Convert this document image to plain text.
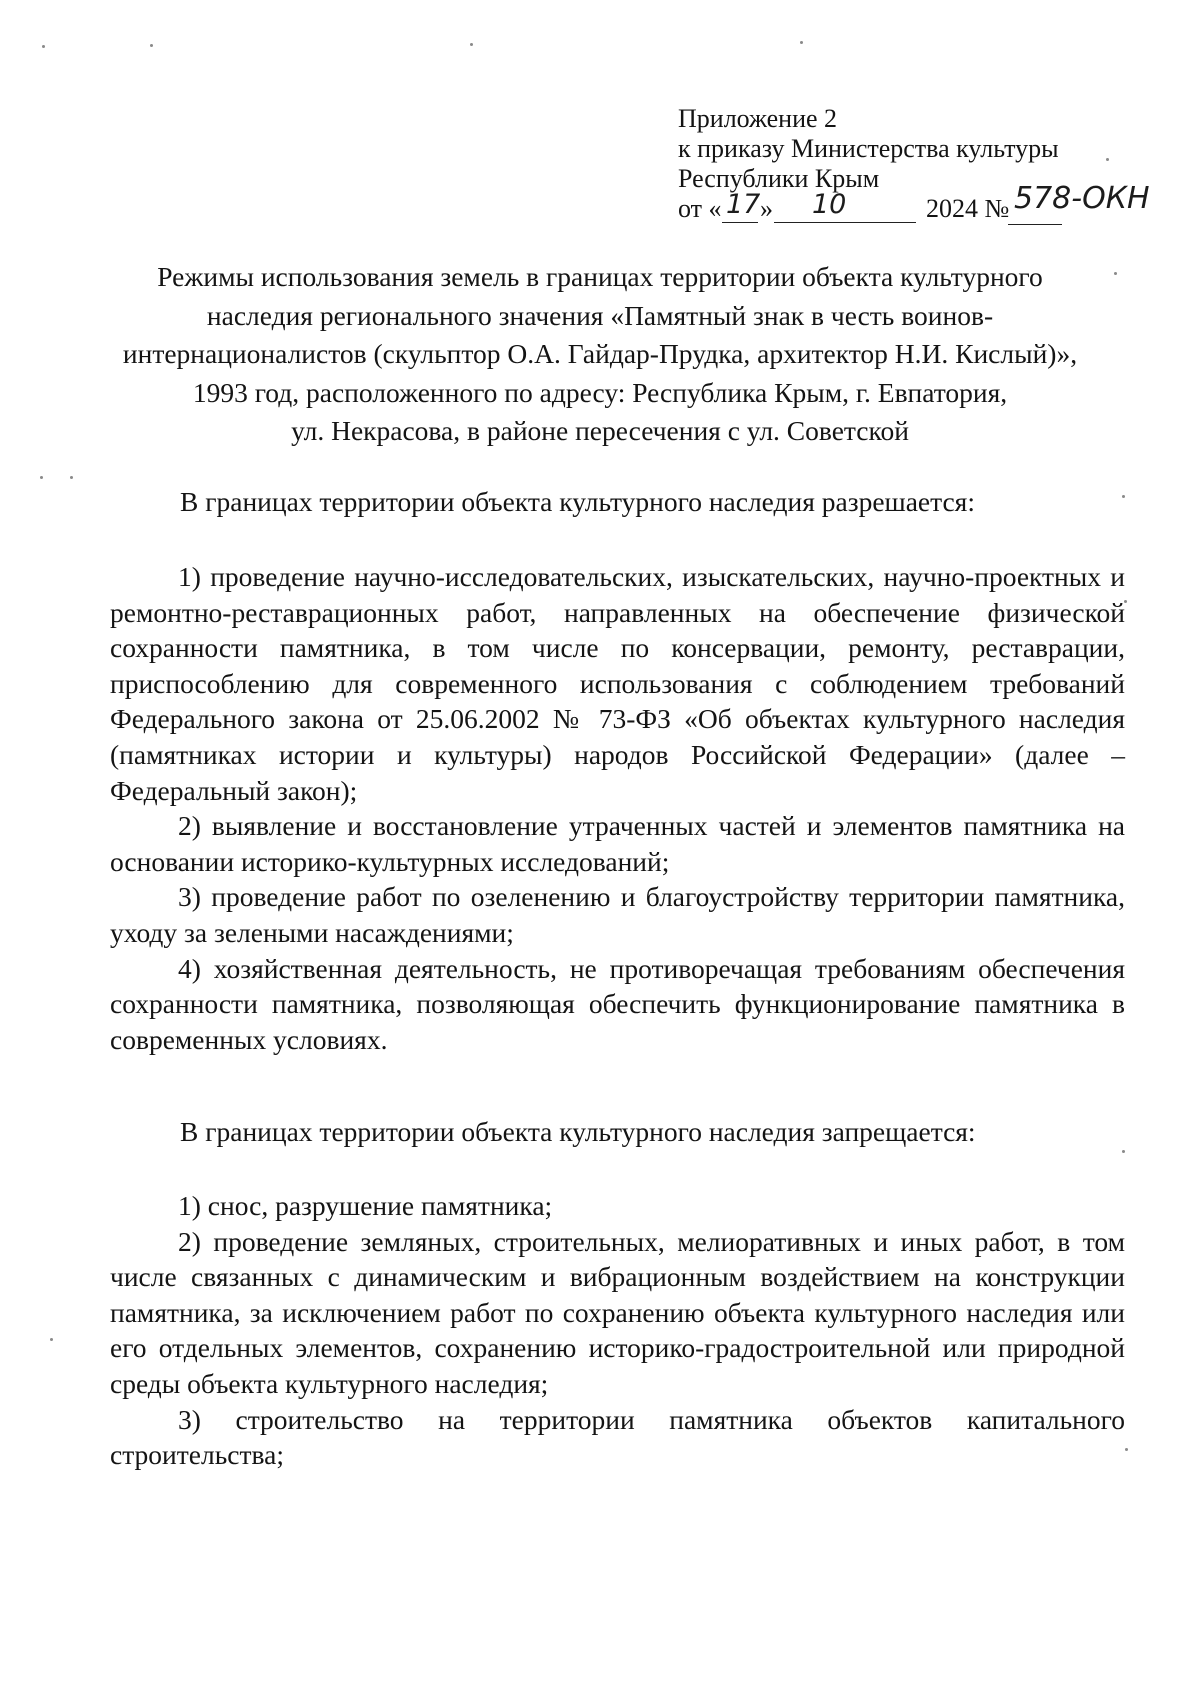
Приложение 2
к приказу Министерства культуры
Республики Крым
от « 17 » 10	2024 № 578-ОКН
Режимы использования земель в границах территории объекта культурного
наследия регионального значения «Памятный знак в честь воинов-
интернационалистов (скульптор О.А. Гайдар-Прудка, архитектор Н.И. Кислый)»,
1993 год, расположенного по адресу: Республика Крым, г. Евпатория,
ул. Некрасова, в районе пересечения с ул. Советской
В границах территории объекта культурного наследия разрешается:

1) проведение научно-исследовательских, изыскательских, научно-проектных и ремонтно-реставрационных работ, направленных на обеспечение физической сохранности памятника, в том числе по консервации, ремонту, реставрации, приспособлению для современного использования с соблюдением требований Федерального закона от 25.06.2002 № 73-ФЗ «Об объектах культурного наследия (памятниках истории и культуры) народов Российской Федерации» (далее – Федеральный закон);

2) выявление и восстановление утраченных частей и элементов памятника на основании историко-культурных исследований;

3) проведение работ по озеленению и благоустройству территории памятника, уходу за зелеными насаждениями;

4) хозяйственная деятельность, не противоречащая требованиям обеспечения сохранности памятника, позволяющая обеспечить функционирование памятника в современных условиях.

В границах территории объекта культурного наследия запрещается:

1) снос, разрушение памятника;

2) проведение земляных, строительных, мелиоративных и иных работ, в том числе связанных с динамическим и вибрационным воздействием на конструкции памятника, за исключением работ по сохранению объекта культурного наследия или его отдельных элементов, сохранению историко-градостроительной или природной среды объекта культурного наследия;

3) строительство на территории памятника объектов капитального строительства;
